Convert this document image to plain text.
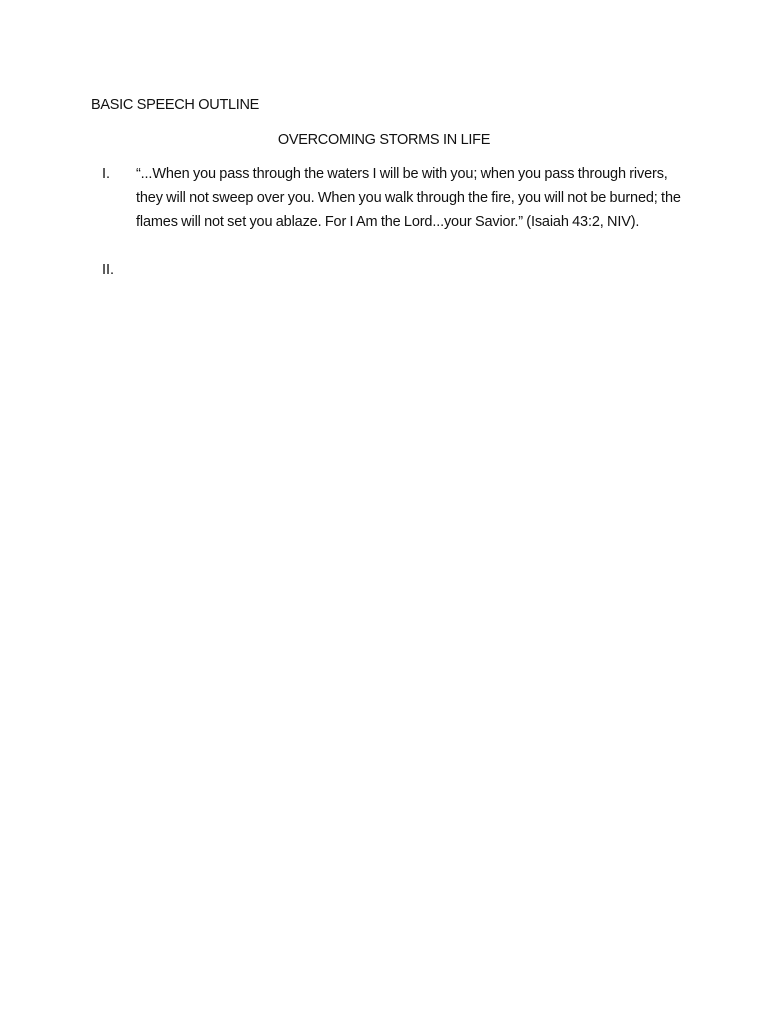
BASIC SPEECH OUTLINE
OVERCOMING STORMS IN LIFE
I. “...When you pass through the waters I will be with you; when you pass through rivers, they will not sweep over you. When you walk through the fire, you will not be burned; the flames will not set you ablaze. For I Am the Lord...your Savior.” (Isaiah 43:2, NIV).
II.
